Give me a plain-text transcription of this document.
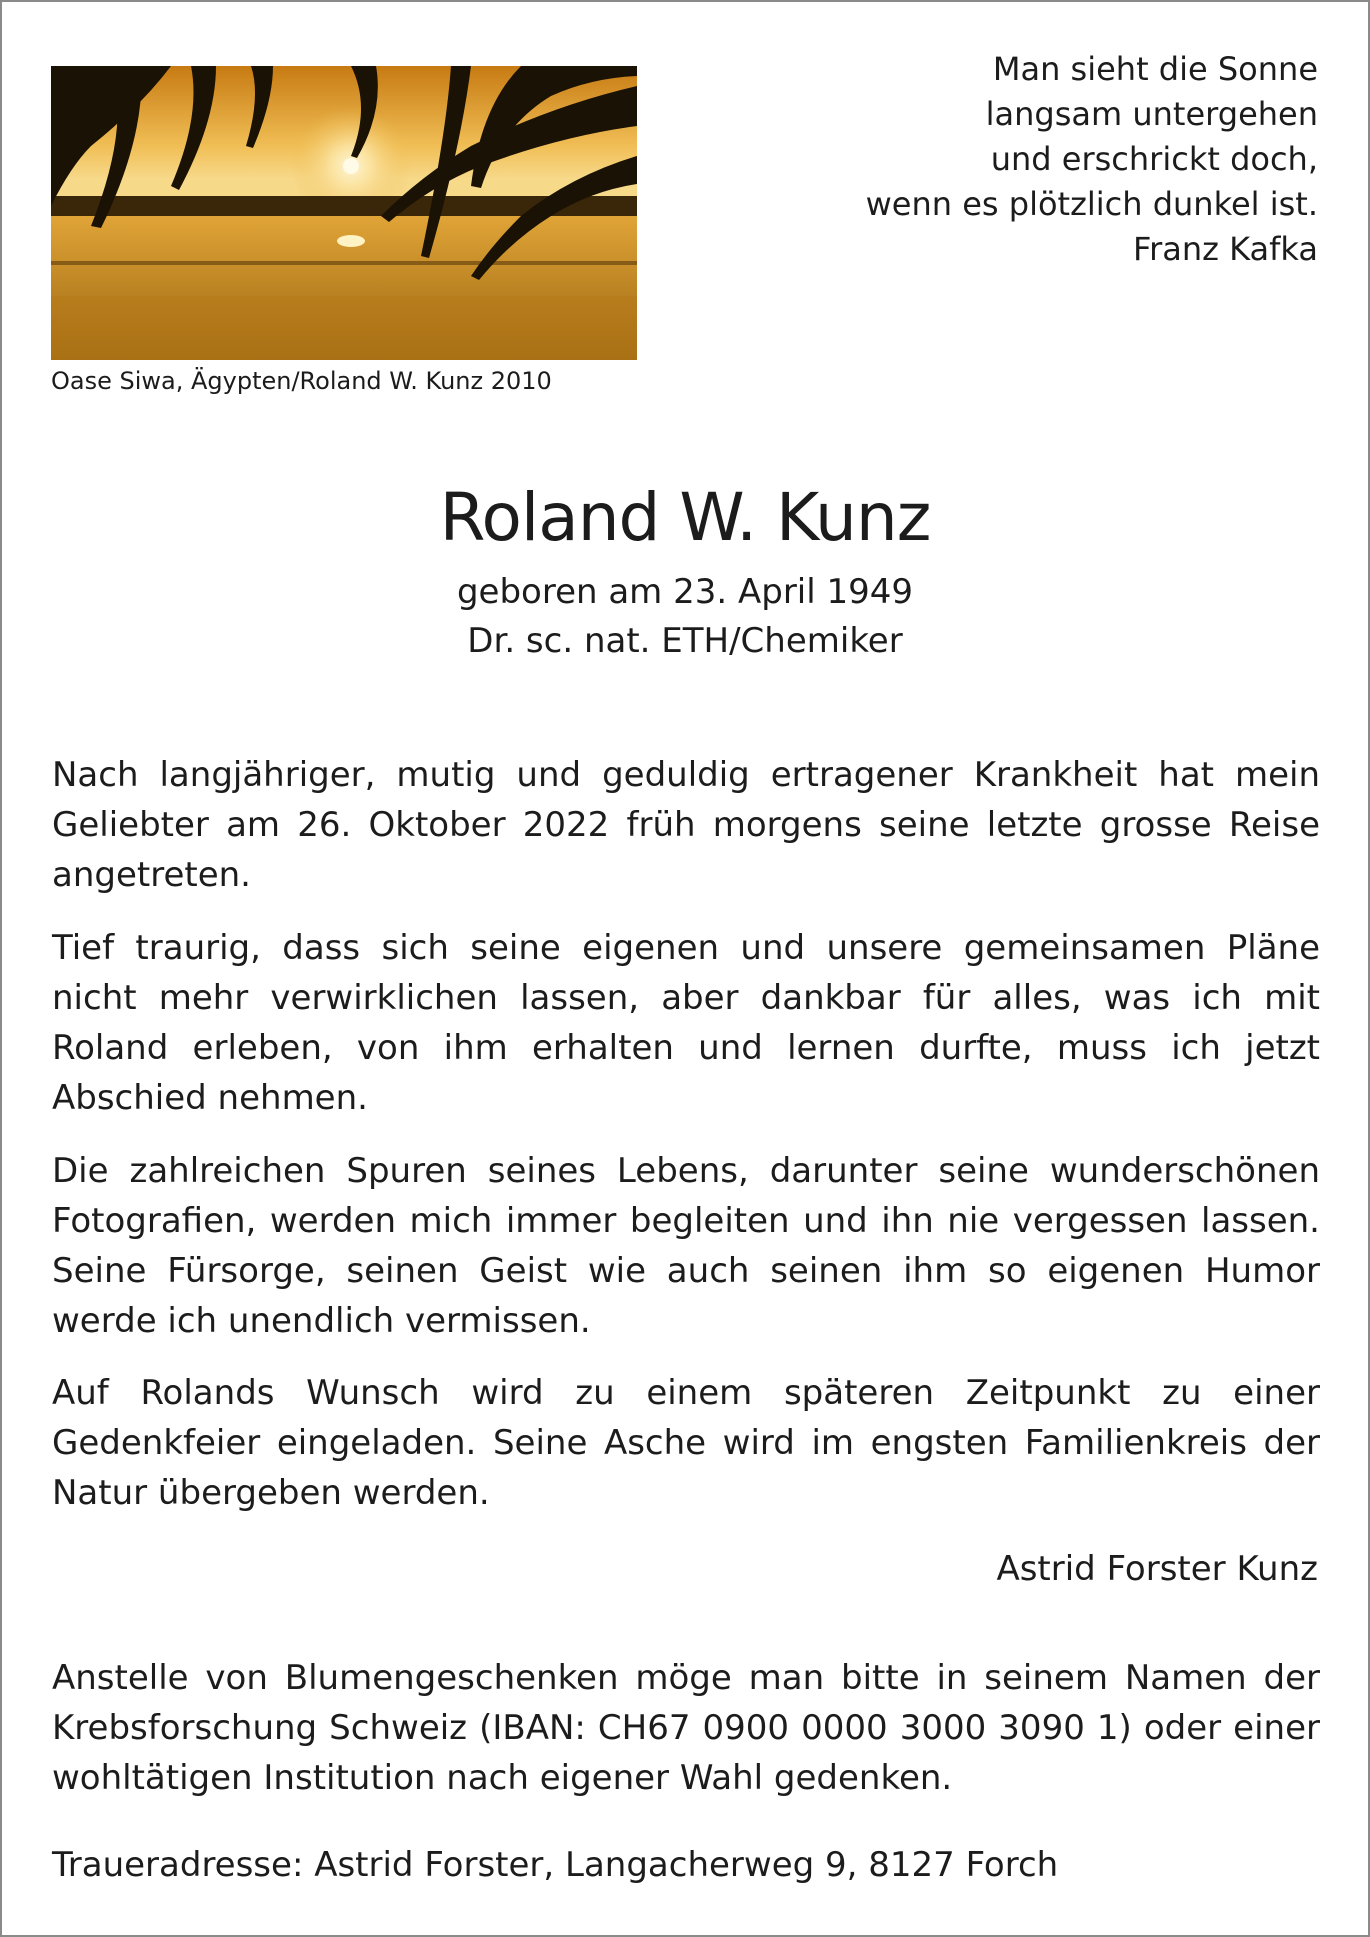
Oase Siwa, Ägypten/Roland W. Kunz 2010
Man sieht die Sonne
langsam untergehen
und erschrickt doch,
wenn es plötzlich dunkel ist.
Franz Kafka
Roland W. Kunz
geboren am 23. April 1949
Dr. sc. nat. ETH/Chemiker
Nach langjähriger, mutig und geduldig ertragener Krankheit hat mein Geliebter am 26. Oktober 2022 früh morgens seine letzte grosse Reise angetreten.
Tief traurig, dass sich seine eigenen und unsere gemeinsamen Pläne nicht mehr verwirklichen lassen, aber dankbar für alles, was ich mit Roland erleben, von ihm erhalten und lernen durfte, muss ich jetzt Abschied nehmen.
Die zahlreichen Spuren seines Lebens, darunter seine wunderschönen Fotografien, werden mich immer begleiten und ihn nie vergessen lassen. Seine Fürsorge, seinen Geist wie auch seinen ihm so eigenen Humor werde ich unendlich vermissen.
Auf Rolands Wunsch wird zu einem späteren Zeitpunkt zu einer Gedenkfeier eingeladen. Seine Asche wird im engsten Familienkreis der Natur übergeben werden.
Astrid Forster Kunz
Anstelle von Blumengeschenken möge man bitte in seinem Namen der Krebsforschung Schweiz (IBAN: CH67 0900 0000 3000 3090 1) oder einer wohltätigen Institution nach eigener Wahl gedenken.
Traueradresse: Astrid Forster, Langacherweg 9, 8127 Forch
